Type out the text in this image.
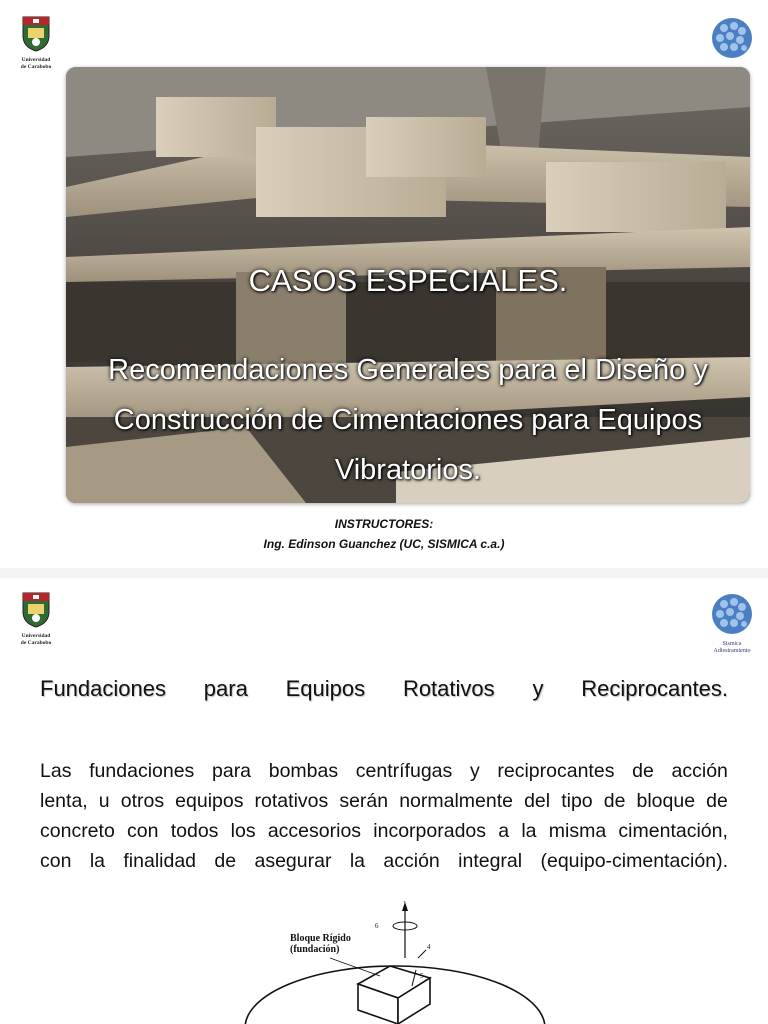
Universidad
de Carabobo
CASOS ESPECIALES.
Recomendaciones Generales para el Diseño y
Construcción de Cimentaciones para Equipos
Vibratorios.
INSTRUCTORES:
Ing. Edinson Guanchez (UC, SISMICA c.a.)
Universidad
de Carabobo	Sismica
Adiestramiento
Fundaciones para Equipos Rotativos y Reciprocantes.
Las fundaciones para bombas centrífugas y reciprocantes de acción
lenta, u otros equipos rotativos serán normalmente del tipo de bloque de
concreto con todos los accesorios incorporados a la misma cimentación,
con la finalidad de asegurar la acción integral (equipo-cimentación).
1
4
5
6
Bloque Rígido
(fundación)
